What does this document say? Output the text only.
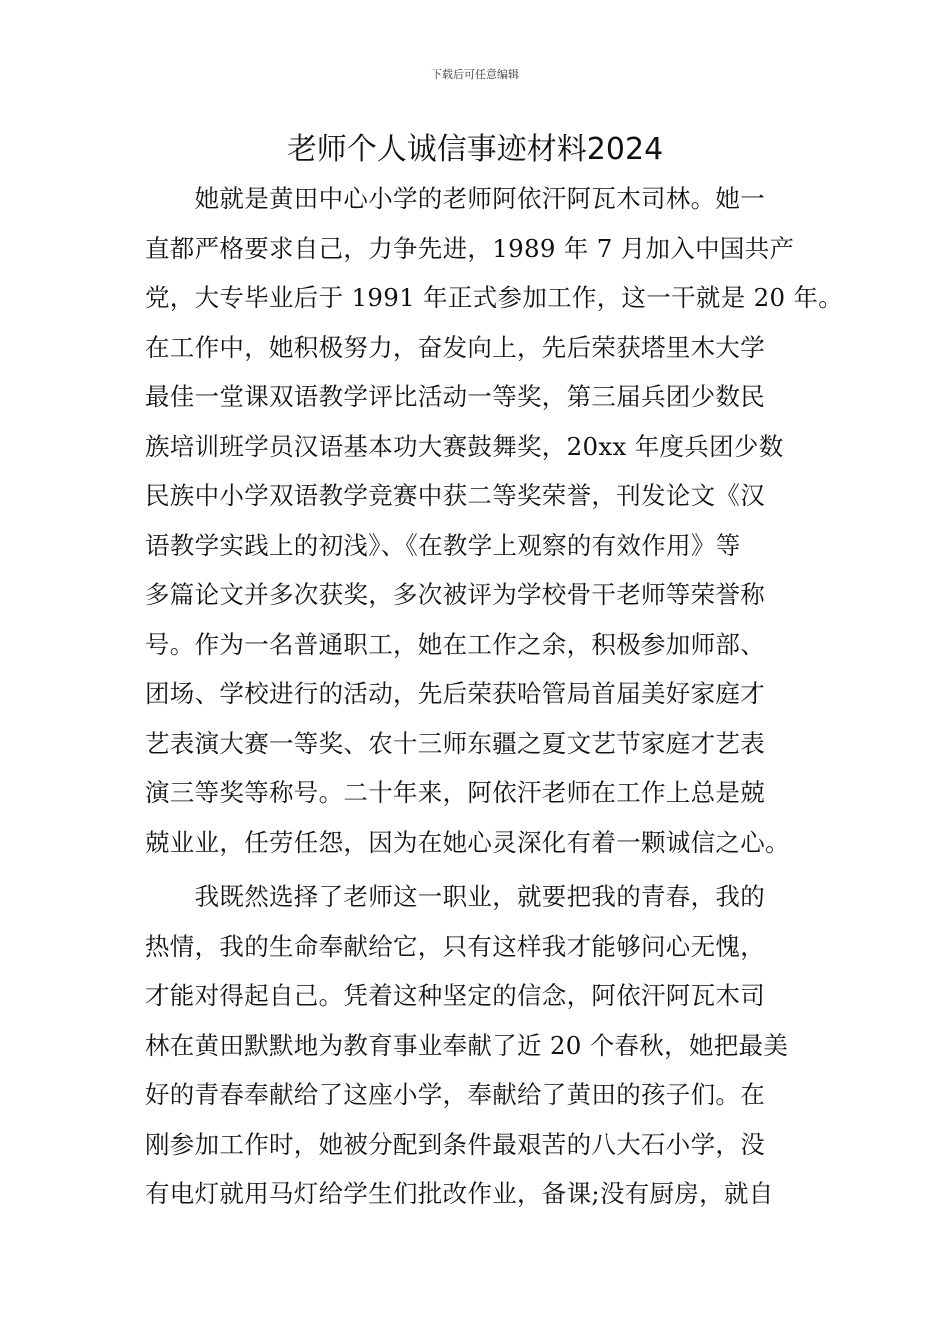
下载后可任意编辑
老师个人诚信事迹材料2024
　　她就是黄田中心小学的老师阿依汗阿瓦木司林。她一
直都严格要求自己，力争先进，1989 年 7 月加入中国共产
党，大专毕业后于 1991 年正式参加工作，这一干就是 20 年。
在工作中，她积极努力，奋发向上，先后荣获塔里木大学
最佳一堂课双语教学评比活动一等奖，第三届兵团少数民
族培训班学员汉语基本功大赛鼓舞奖，20xx 年度兵团少数
民族中小学双语教学竞赛中获二等奖荣誉，刊发论文《汉
语教学实践上的初浅》、《在教学上观察的有效作用》等
多篇论文并多次获奖，多次被评为学校骨干老师等荣誉称
号。作为一名普通职工，她在工作之余，积极参加师部、
团场、学校进行的活动，先后荣获哈管局首届美好家庭才
艺表演大赛一等奖、农十三师东疆之夏文艺节家庭才艺表
演三等奖等称号。二十年来，阿依汗老师在工作上总是兢
兢业业，任劳任怨，因为在她心灵深化有着一颗诚信之心。
　　我既然选择了老师这一职业，就要把我的青春，我的
热情，我的生命奉献给它，只有这样我才能够问心无愧，
才能对得起自己。凭着这种坚定的信念，阿依汗阿瓦木司
林在黄田默默地为教育事业奉献了近 20 个春秋，她把最美
好的青春奉献给了这座小学，奉献给了黄田的孩子们。在
刚参加工作时，她被分配到条件最艰苦的八大石小学，没
有电灯就用马灯给学生们批改作业，备课;没有厨房，就自
